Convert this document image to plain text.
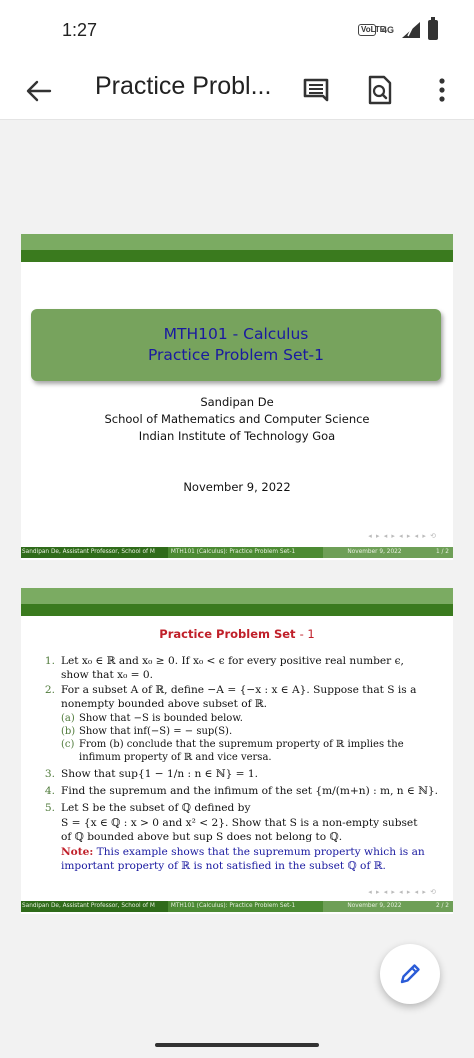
1:27	VoLTE
4G
Practice Probl...
MTH101 - Calculus
Practice Problem Set-1
Sandipan De
School of Mathematics and Computer Science
Indian Institute of Technology Goa
November 9, 2022
◂ ▸ ◂ ▸ ◂ ▸ ◂ ▸ ⟲
Sandipan De, Assistant Professor, School of M	MTH101 (Calculus): Practice Problem Set-1	November 9, 2022	1 / 2
Practice Problem Set - 1
1. Let x₀ ∈ ℝ and x₀ ≥ 0. If x₀ < ϵ for every positive real number ϵ,
show that x₀ = 0.
2. For a subset A of ℝ, define −A = {−x : x ∈ A}. Suppose that S is a
nonempty bounded above subset of ℝ.
(a) Show that −S is bounded below.
(b) Show that inf(−S) = − sup(S).
(c) From (b) conclude that the supremum property of ℝ implies the
infimum property of ℝ and vice versa.
3. Show that sup{1 − 1/n : n ∈ ℕ} = 1.
4. Find the supremum and the infimum of the set {m/(m+n) : m, n ∈ ℕ}.
5. Let S be the subset of ℚ defined by
S = {x ∈ ℚ : x > 0 and x² < 2}. Show that S is a non-empty subset
of ℚ bounded above but sup S does not belong to ℚ.
Note: This example shows that the supremum property which is an
important property of ℝ is not satisfied in the subset ℚ of ℝ.
◂ ▸ ◂ ▸ ◂ ▸ ◂ ▸ ⟲
Sandipan De, Assistant Professor, School of M	MTH101 (Calculus): Practice Problem Set-1	November 9, 2022	2 / 2
